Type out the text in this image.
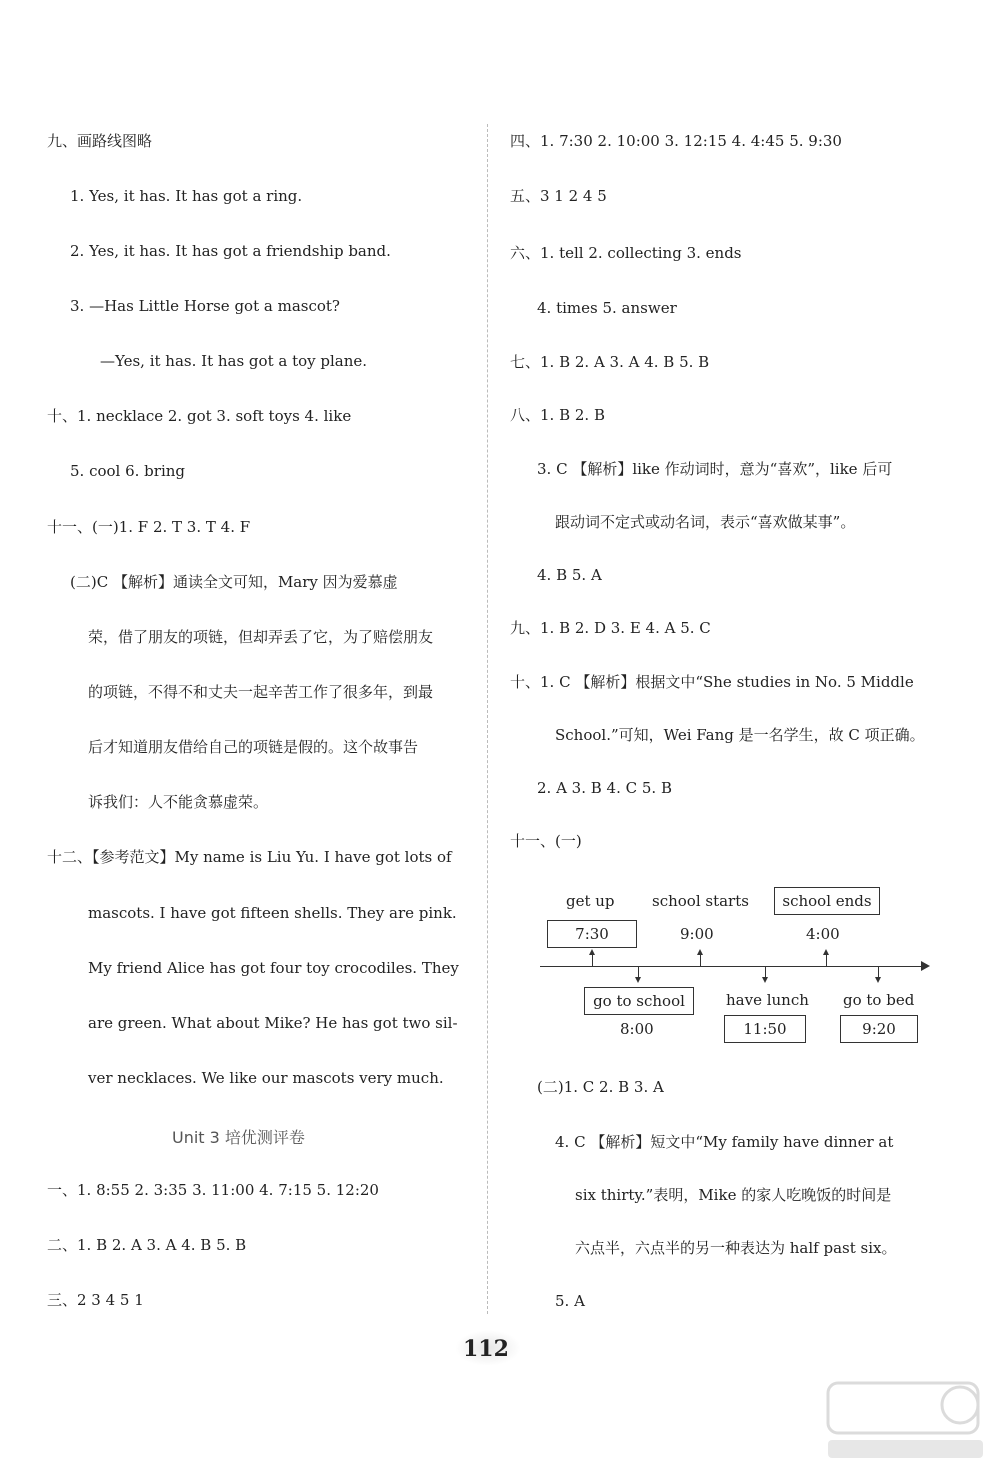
九、画路线图略
1. Yes, it has. It has got a ring.
2. Yes, it has. It has got a friendship band.
3. —Has Little Horse got a mascot?
—Yes, it has. It has got a toy plane.
十、1. necklace 2. got 3. soft toys 4. like
5. cool 6. bring
十一、(一)1. F 2. T 3. T 4. F
(二)C 【解析】通读全文可知，Mary 因为爱慕虚
荣，借了朋友的项链，但却弄丢了它，为了赔偿朋友
的项链，不得不和丈夫一起辛苦工作了很多年，到最
后才知道朋友借给自己的项链是假的。这个故事告
诉我们：人不能贪慕虚荣。
十二、【参考范文】My name is Liu Yu. I have got lots of
mascots. I have got fifteen shells. They are pink.
My friend Alice has got four toy crocodiles. They
are green. What about Mike? He has got two sil-
ver necklaces. We like our mascots very much.
Unit 3 培优测评卷
一、1. 8:55 2. 3:35 3. 11:00 4. 7:15 5. 12:20
二、1. B 2. A 3. A 4. B 5. B
三、2 3 4 5 1
四、1. 7:30 2. 10:00 3. 12:15 4. 4:45 5. 9:30
五、3 1 2 4 5
六、1. tell 2. collecting 3. ends
4. times 5. answer
七、1. B 2. A 3. A 4. B 5. B
八、1. B 2. B
3. C 【解析】like 作动词时，意为“喜欢”，like 后可
跟动词不定式或动名词，表示“喜欢做某事”。
4. B 5. A
九、1. B 2. D 3. E 4. A 5. C
十、1. C 【解析】根据文中“She studies in No. 5 Middle
School.”可知，Wei Fang 是一名学生，故 C 项正确。
2. A 3. B 4. C 5. B
十一、(一)
get up
7:30
school starts
9:00
school ends
4:00
go to school
8:00
have lunch
11:50
go to bed
9:20
(二)1. C 2. B 3. A
4. C 【解析】短文中“My family have dinner at
six thirty.”表明，Mike 的家人吃晚饭的时间是
六点半，六点半的另一种表达为 half past six。
5. A
112
